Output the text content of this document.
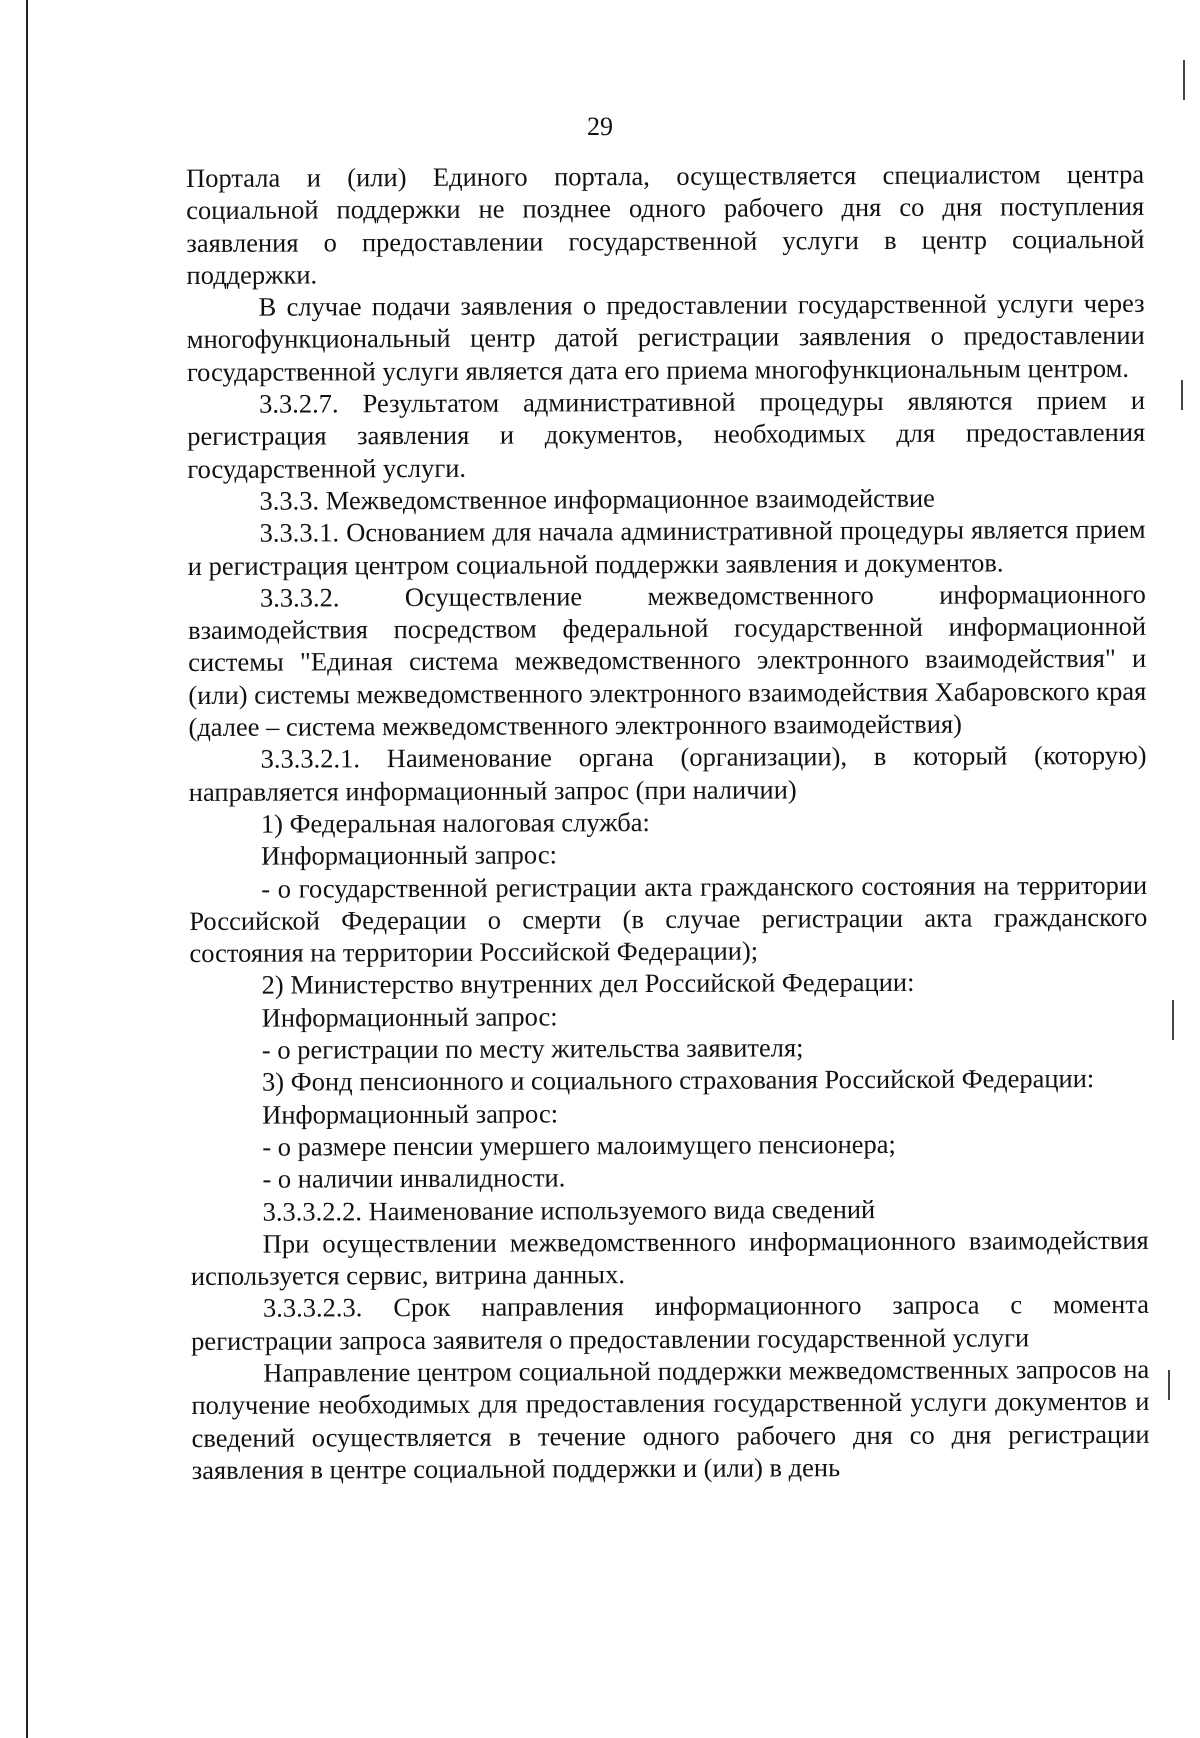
29

Портала и (или) Единого портала, осуществляется специалистом центра социальной поддержки не позднее одного рабочего дня со дня поступления заявления о предоставлении государственной услуги в центр социальной поддержки.

В случае подачи заявления о предоставлении государственной услуги через многофункциональный центр датой регистрации заявления о предоставлении государственной услуги является дата его приема многофункциональным центром.

3.3.2.7. Результатом административной процедуры являются прием и регистрация заявления и документов, необходимых для предоставления государственной услуги.

3.3.3. Межведомственное информационное взаимодействие

3.3.3.1. Основанием для начала административной процедуры является прием и регистрация центром социальной поддержки заявления и документов.

3.3.3.2. Осуществление межведомственного информационного взаимодействия посредством федеральной государственной информационной системы "Единая система межведомственного электронного взаимодействия" и (или) системы межведомственного электронного взаимодействия Хабаровского края (далее – система межведомственного электронного взаимодействия)

3.3.3.2.1. Наименование органа (организации), в который (которую) направляется информационный запрос (при наличии)

1) Федеральная налоговая служба:

Информационный запрос:

- о государственной регистрации акта гражданского состояния на территории Российской Федерации о смерти (в случае регистрации акта гражданского состояния на территории Российской Федерации);

2) Министерство внутренних дел Российской Федерации:

Информационный запрос:

- о регистрации по месту жительства заявителя;

3) Фонд пенсионного и социального страхования Российской Федерации:

Информационный запрос:

- о размере пенсии умершего малоимущего пенсионера;

- о наличии инвалидности.

3.3.3.2.2. Наименование используемого вида сведений

При осуществлении межведомственного информационного взаимодействия используется сервис, витрина данных.

3.3.3.2.3. Срок направления информационного запроса с момента регистрации запроса заявителя о предоставлении государственной услуги

Направление центром социальной поддержки межведомственных запросов на получение необходимых для предоставления государственной услуги документов и сведений осуществляется в течение одного рабочего дня со дня регистрации заявления в центре социальной поддержки и (или) в день
